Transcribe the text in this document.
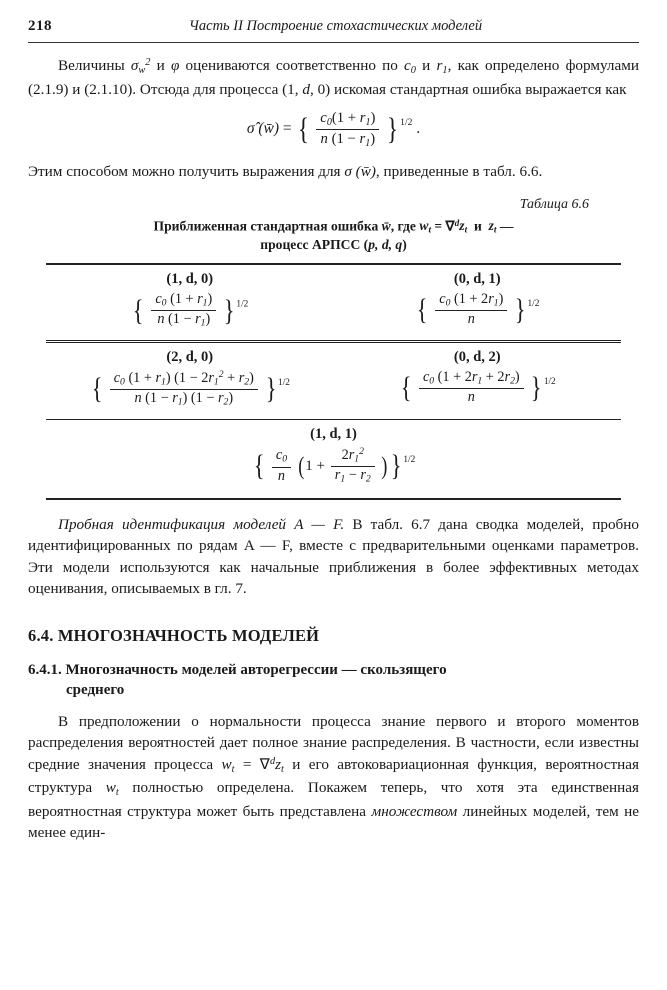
218	Часть II Построение стохастических моделей

Величины $\sigma_w^2$ и φ оцениваются соответственно по $c_0$ и $r_1$, как определено формулами (2.1.9) и (2.1.10). Отсюда для процесса (1, d, 0) искомая стандартная ошибка выражается как

σ̂ (w̄) = { $\frac{c_0(1 + r_1)}{n (1 - r_1)}$ } $^{1/2}$ .

Этим способом можно получить выражения для σ (w̄), приведенные в табл. 6.6.

Таблица 6.6
Приближенная стандартная ошибка w̄, где $w_t = \nabla^dz_t$  и  $z_t$ —
процесс АРПСС (p, d, q)
(1, d, 0)
{ $\frac{c_0 (1 + r_1)}{n (1 - r_1)}$ } $^{1/2}$
(0, d, 1)
{ $\frac{c_0 (1 + 2r_1)}{n}$ } $^{1/2}$
(2, d, 0)
{ $\frac{c_0 (1 + r_1) (1 - 2r_1^2 + r_2)}{n (1 - r_1) (1 - r_2)}$ } $^{1/2}$
(0, d, 2)
{ $\frac{c_0 (1 + 2r_1 + 2r_2)}{n}$ } $^{1/2}$
(1, d, 1)
{ $\frac{c_0}{n} (1 + \frac{2r_1^2}{r_1 - r_2}$ )} $^{1/2}$

Пробная идентификация моделей A — F. В табл. 6.7 дана сводка моделей, пробно идентифицированных по рядам A — F, вместе с предварительными оценками параметров. Эти модели используются как начальные приближения в более эффективных методах оценивания, описываемых в гл. 7.

6.4. МНОГОЗНАЧНОСТЬ МОДЕЛЕЙ
6.4.1. Многозначность моделей авторегрессии — скользящего
среднего

В предположении о нормальности процесса знание первого и второго моментов распределения вероятностей дает полное знание распределения. В частности, если известны средние значения процесса $w_t = \nabla^dz_t$ и его автоковариационная функция, вероятностная структура $w_t$ полностью определена. Покажем теперь, что хотя эта единственная вероятностная структура может быть представлена множеством линейных моделей, тем не менее един-
